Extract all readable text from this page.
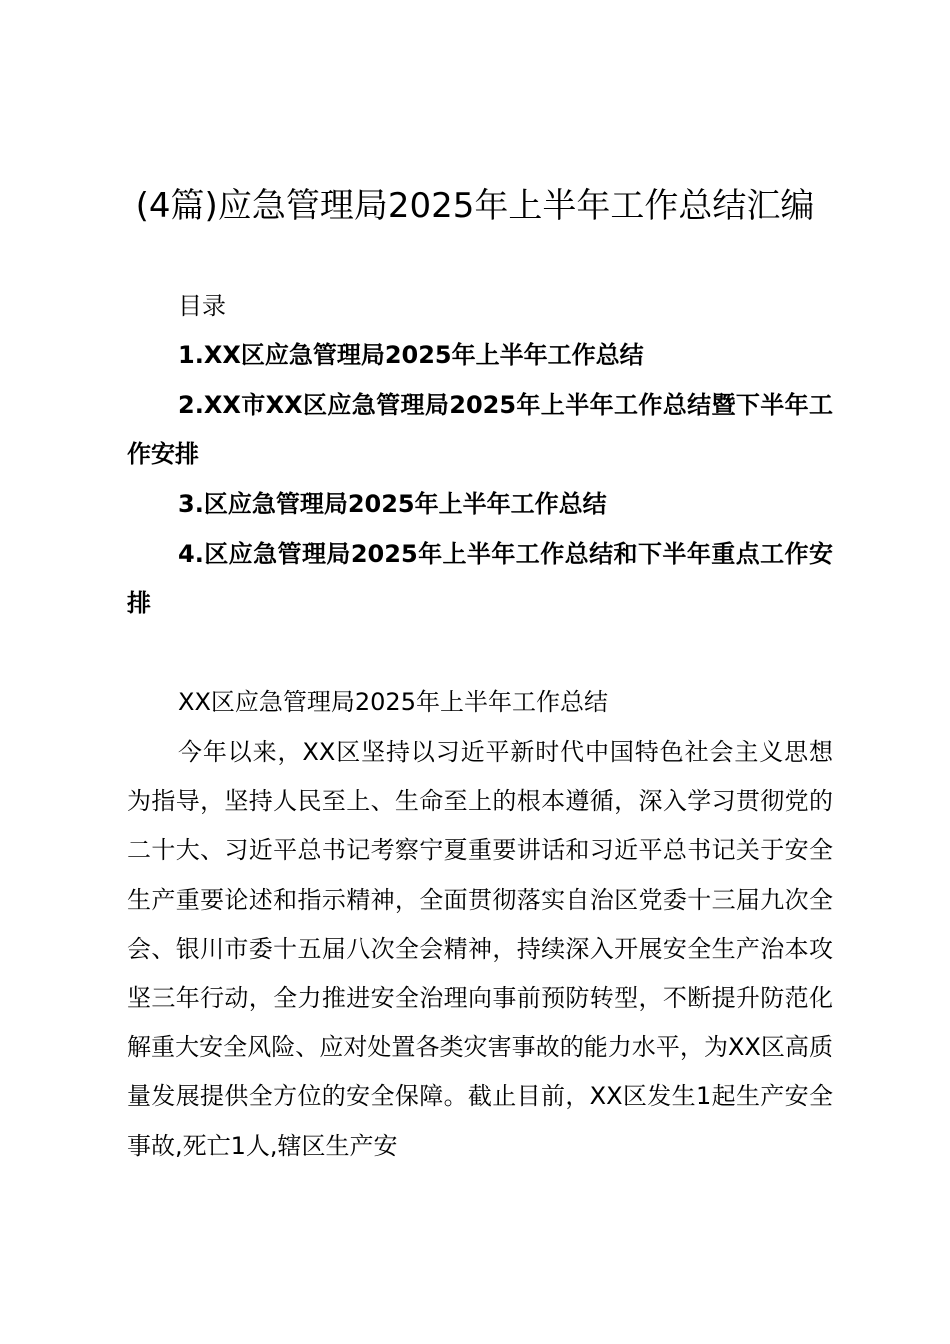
(4篇)应急管理局2025年上半年工作总结汇编

目录

1.XX区应急管理局2025年上半年工作总结

2.XX市XX区应急管理局2025年上半年工作总结暨下半年工作安排

3.区应急管理局2025年上半年工作总结

4.区应急管理局2025年上半年工作总结和下半年重点工作安排

XX区应急管理局2025年上半年工作总结

今年以来，XX区坚持以习近平新时代中国特色社会主义思想为指导，坚持人民至上、生命至上的根本遵循，深入学习贯彻党的二十大、习近平总书记考察宁夏重要讲话和习近平总书记关于安全生产重要论述和指示精神，全面贯彻落实自治区党委十三届九次全会、银川市委十五届八次全会精神，持续深入开展安全生产治本攻坚三年行动，全力推进安全治理向事前预防转型，不断提升防范化解重大安全风险、应对处置各类灾害事故的能力水平，为XX区高质量发展提供全方位的安全保障。截止目前，XX区发生1起生产安全事故,死亡1人,辖区生产安
